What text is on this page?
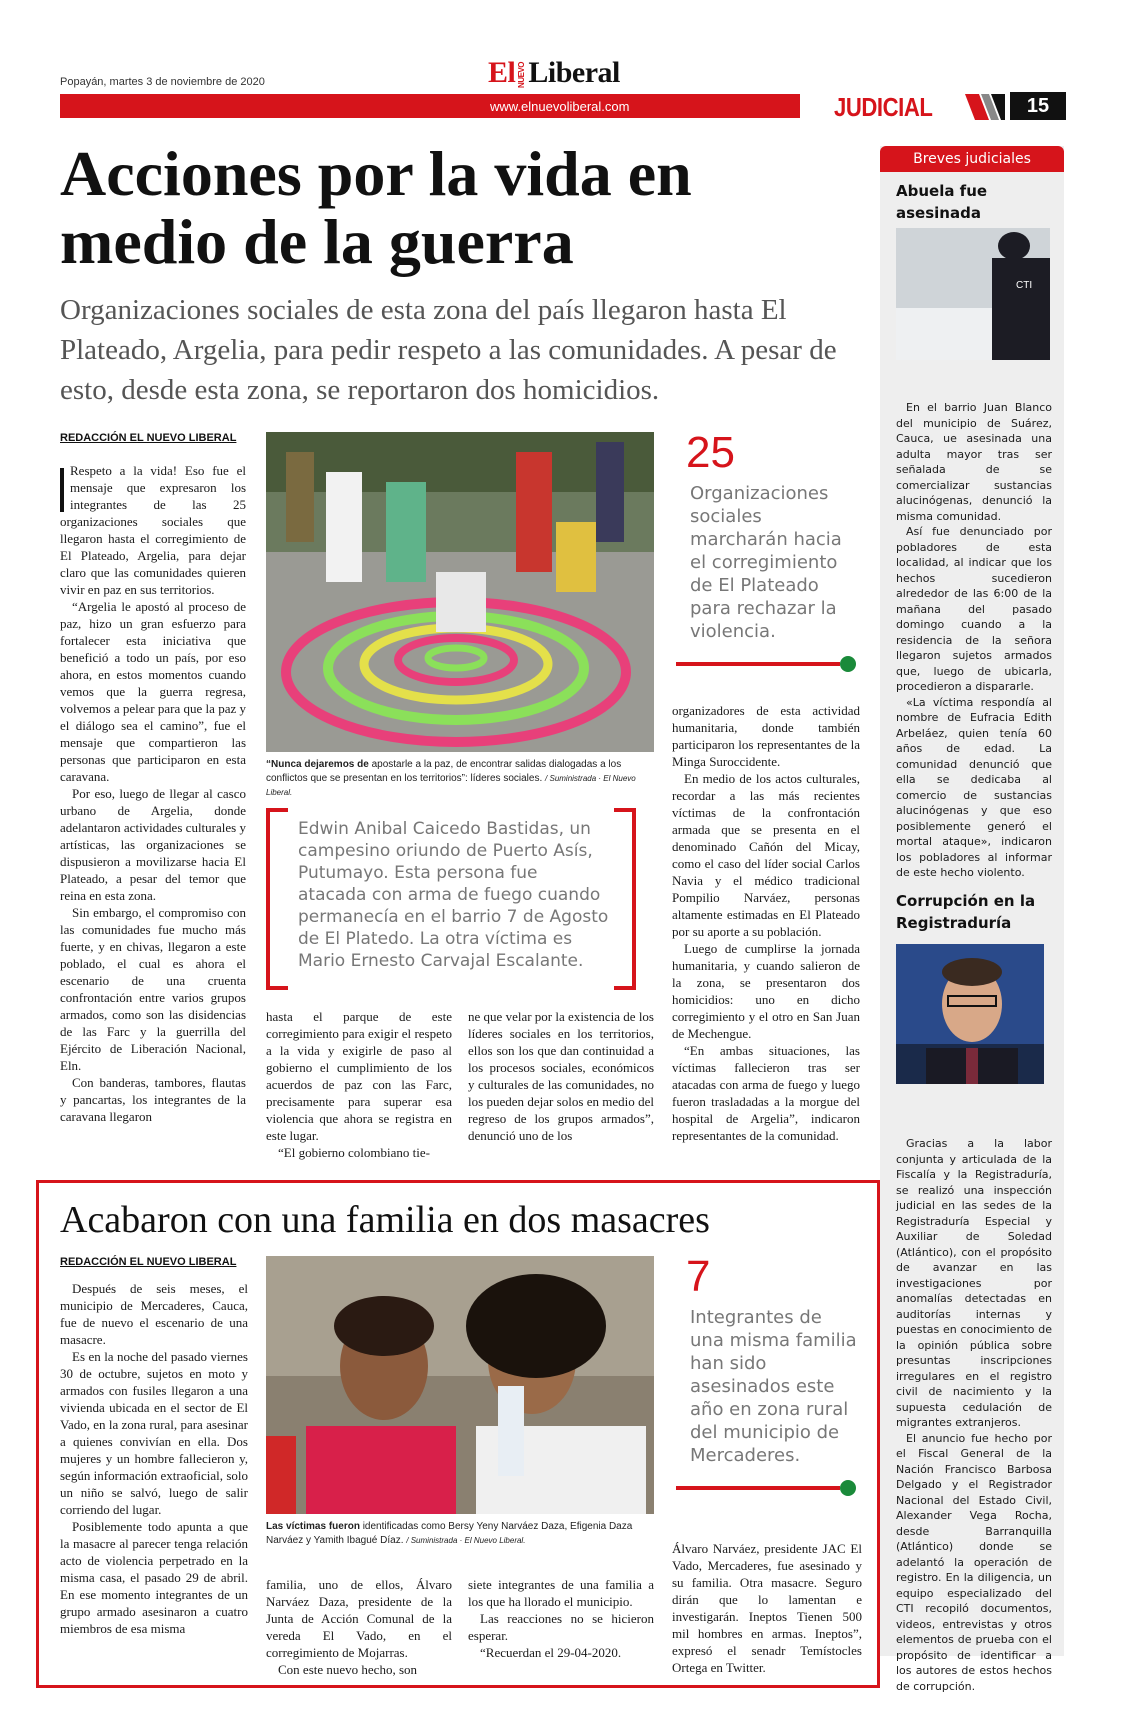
Popayán, martes 3 de noviembre de 2020	El NUEVOLiberal
www.elnuevoliberal.com	JUDICIAL	15
Acciones por la vida en medio de la guerra
Organizaciones sociales de esta zona del país llegaron hasta El Plateado, Argelia, para pedir respeto a las comunidades. A pesar de esto, desde esta zona, se reportaron dos homicidios.
REDACCIÓN EL NUEVO LIBERAL

Respeto a la vida! Eso fue el mensaje que expresaron los integrantes de las 25 organizaciones sociales que llegaron hasta el corregimiento de El Plateado, Argelia, para dejar claro que las comunidades quieren vivir en paz en sus territorios.

“Argelia le apostó al proceso de paz, hizo un gran esfuerzo para fortalecer esta iniciativa que benefició a todo un país, por eso ahora, en estos momentos cuando vemos que la guerra regresa, volvemos a pelear para que la paz y el diálogo sea el camino”, fue el mensaje que compartieron las personas que participaron en esta caravana.

Por eso, luego de llegar al casco urbano de Argelia, donde adelantaron actividades culturales y artísticas, las organizaciones se dispusieron a movilizarse hacia El Plateado, a pesar del temor que reina en esta zona.

Sin embargo, el compromiso con las comunidades fue mucho más fuerte, y en chivas, llegaron a este poblado, el cual es ahora el escenario de una cruenta confrontación entre varios grupos armados, como son las disidencias de las Farc y la guerrilla del Ejército de Liberación Nacional, Eln.

Con banderas, tambores, flautas y pancartas, los integrantes de la caravana llegaron

“Nunca dejaremos de apostarle a la paz, de encontrar salidas dialogadas a los conflictos que se presentan en los territorios”: líderes sociales. / Suministrada · El Nuevo Liberal.
25
Organizaciones sociales marcharán hacia el corregimiento de El Plateado para rechazar la violencia.
Edwin Anibal Caicedo Bastidas, un campesino oriundo de Puerto Asís, Putumayo. Esta persona fue atacada con arma de fuego cuando permanecía en el barrio 7 de Agosto de El Platedo. La otra víctima es Mario Ernesto Carvajal Escalante.

hasta el parque de este corregimiento para exigir el respeto a la vida y exigirle de paso al gobierno el cumplimiento de los acuerdos de paz con las Farc, precisamente para superar esa violencia que ahora se registra en este lugar.

“El gobierno colombiano tie-

ne que velar por la existencia de los líderes sociales en los territorios, ellos son los que dan continuidad a los procesos sociales, económicos y culturales de las comunidades, no los pueden dejar solos en medio del regreso de los grupos armados”, denunció uno de los

organizadores de esta actividad humanitaria, donde también participaron los representantes de la Minga Suroccidente.

En medio de los actos culturales, recordar a las más recientes víctimas de la confrontación armada que se presenta en el denominado Cañón del Micay, como el caso del líder social Carlos Navia y el médico tradicional Pompilio Narváez, personas altamente estimadas en El Plateado por su aporte a su población.

Luego de cumplirse la jornada humanitaria, y cuando salieron de la zona, se presentaron dos homicidios: uno en dicho corregimiento y el otro en San Juan de Mechengue.

“En ambas situaciones, las víctimas fallecieron tras ser atacadas con arma de fuego y luego fueron trasladadas a la morgue del hospital de Argelia”, indicaron representantes de la comunidad.

Acabaron con una familia en dos masacres
REDACCIÓN EL NUEVO LIBERAL

Después de seis meses, el municipio de Mercaderes, Cauca, fue de nuevo el escenario de una masacre.

Es en la noche del pasado viernes 30 de octubre, sujetos en moto y armados con fusiles llegaron a una vivienda ubicada en el sector de El Vado, en la zona rural, para asesinar a quienes convivían en ella. Dos mujeres y un hombre fallecieron y, según información extraoficial, solo un niño se salvó, luego de salir corriendo del lugar.

Posiblemente todo apunta a que la masacre al parecer tenga relación acto de violencia perpetrado en la misma casa, el pasado 29 de abril. En ese momento integrantes de un grupo armado asesinaron a cuatro miembros de esa misma

Las víctimas fueron identificadas como Bersy Yeny Narváez Daza, Efigenia Daza Narváez y Yamith Ibagué Díaz. / Suministrada · El Nuevo Liberal.
7
Integrantes de una misma familia han sido asesinados este año en zona rural del municipio de Mercaderes.

familia, uno de ellos, Álvaro Narváez Daza, presidente de la Junta de Acción Comunal de la vereda El Vado, en el corregimiento de Mojarras.

Con este nuevo hecho, son

siete integrantes de una familia a los que ha llorado el municipio.

Las reacciones no se hicieron esperar.

“Recuerdan el 29-04-2020.

Álvaro Narváez, presidente JAC El Vado, Mercaderes, fue asesinado y su familia. Otra masacre. Seguro dirán que lo lamentan e investigarán. Ineptos Tienen 500 mil hombres en armas. Ineptos”, expresó el senadr Temístocles Ortega en Twitter.

Breves judiciales
Abuela fue asesinada
CTI

En el barrio Juan Blanco del municipio de Suárez, Cauca, ue asesinada una adulta mayor tras ser señalada de se comercializar sustancias alucinógenas, denunció la misma comunidad.

Así fue denunciado por pobladores de esta localidad, al indicar que los hechos sucedieron alrededor de las 6:00 de la mañana del pasado domingo cuando a la residencia de la señora llegaron sujetos armados que, luego de ubicarla, procedieron a dispararle.

«La víctima respondía al nombre de Eufracia Edith Arbeláez, quien tenía 60 años de edad. La comunidad denunció que ella se dedicaba al comercio de sustancias alucinógenas y que eso posiblemente generó el mortal ataque», indicaron los pobladores al informar de este hecho violento.

Corrupción en la Registraduría

Gracias a la labor conjunta y articulada de la Fiscalía y la Registraduría, se realizó una inspección judicial en las sedes de la Registraduría Especial y Auxiliar de Soledad (Atlántico), con el propósito de avanzar en las investigaciones por anomalías detectadas en auditorías internas y puestas en conocimiento de la opinión pública sobre presuntas inscripciones irregulares en el registro civil de nacimiento y la supuesta cedulación de migrantes extranjeros.

El anuncio fue hecho por el Fiscal General de la Nación Francisco Barbosa Delgado y el Registrador Nacional del Estado Civil, Alexander Vega Rocha, desde Barranquilla (Atlántico) donde se adelantó la operación de registro. En la diligencia, un equipo especializado del CTI recopiló documentos, videos, entrevistas y otros elementos de prueba con el propósito de identificar a los autores de estos hechos de corrupción.
